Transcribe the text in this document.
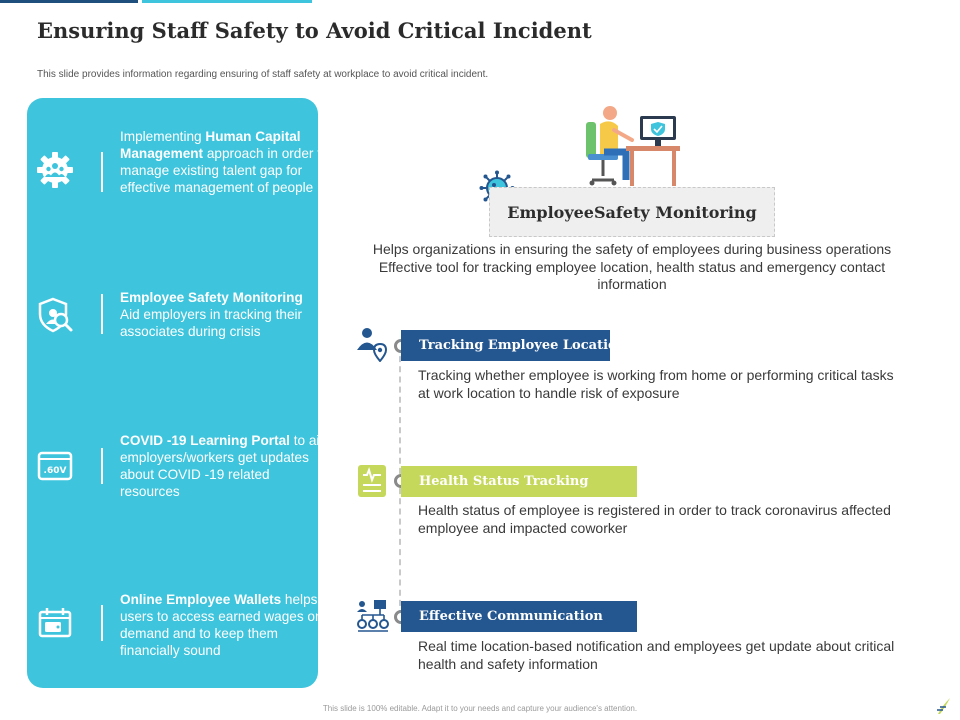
Ensuring Staff Safety to Avoid Critical Incident
This slide provides information regarding ensuring of staff safety at workplace to avoid critical incident.
Implementing Human Capital Management approach in order to manage existing talent gap for effective management of people
Employee Safety Monitoring
Aid employers in tracking their associates during crisis
.60V
COVID -19 Learning Portal to aid employers/workers get updates about COVID -19 related resources
Online Employee Wallets helps users to access earned wages on demand and to keep them financially sound
EmployeeSafety Monitoring
Helps organizations in ensuring the safety of employees during business operations Effective tool for tracking employee location, health status and emergency contact information
Tracking Employee Location
Tracking whether employee is working from home or performing critical tasks at work location to handle risk of exposure
Health Status Tracking
Health status of employee is registered in order to track coronavirus affected employee and impacted coworker
Effective Communication
Real time location-based notification and employees get update about critical health and safety information
This slide is 100% editable. Adapt it to your needs and capture your audience's attention.
